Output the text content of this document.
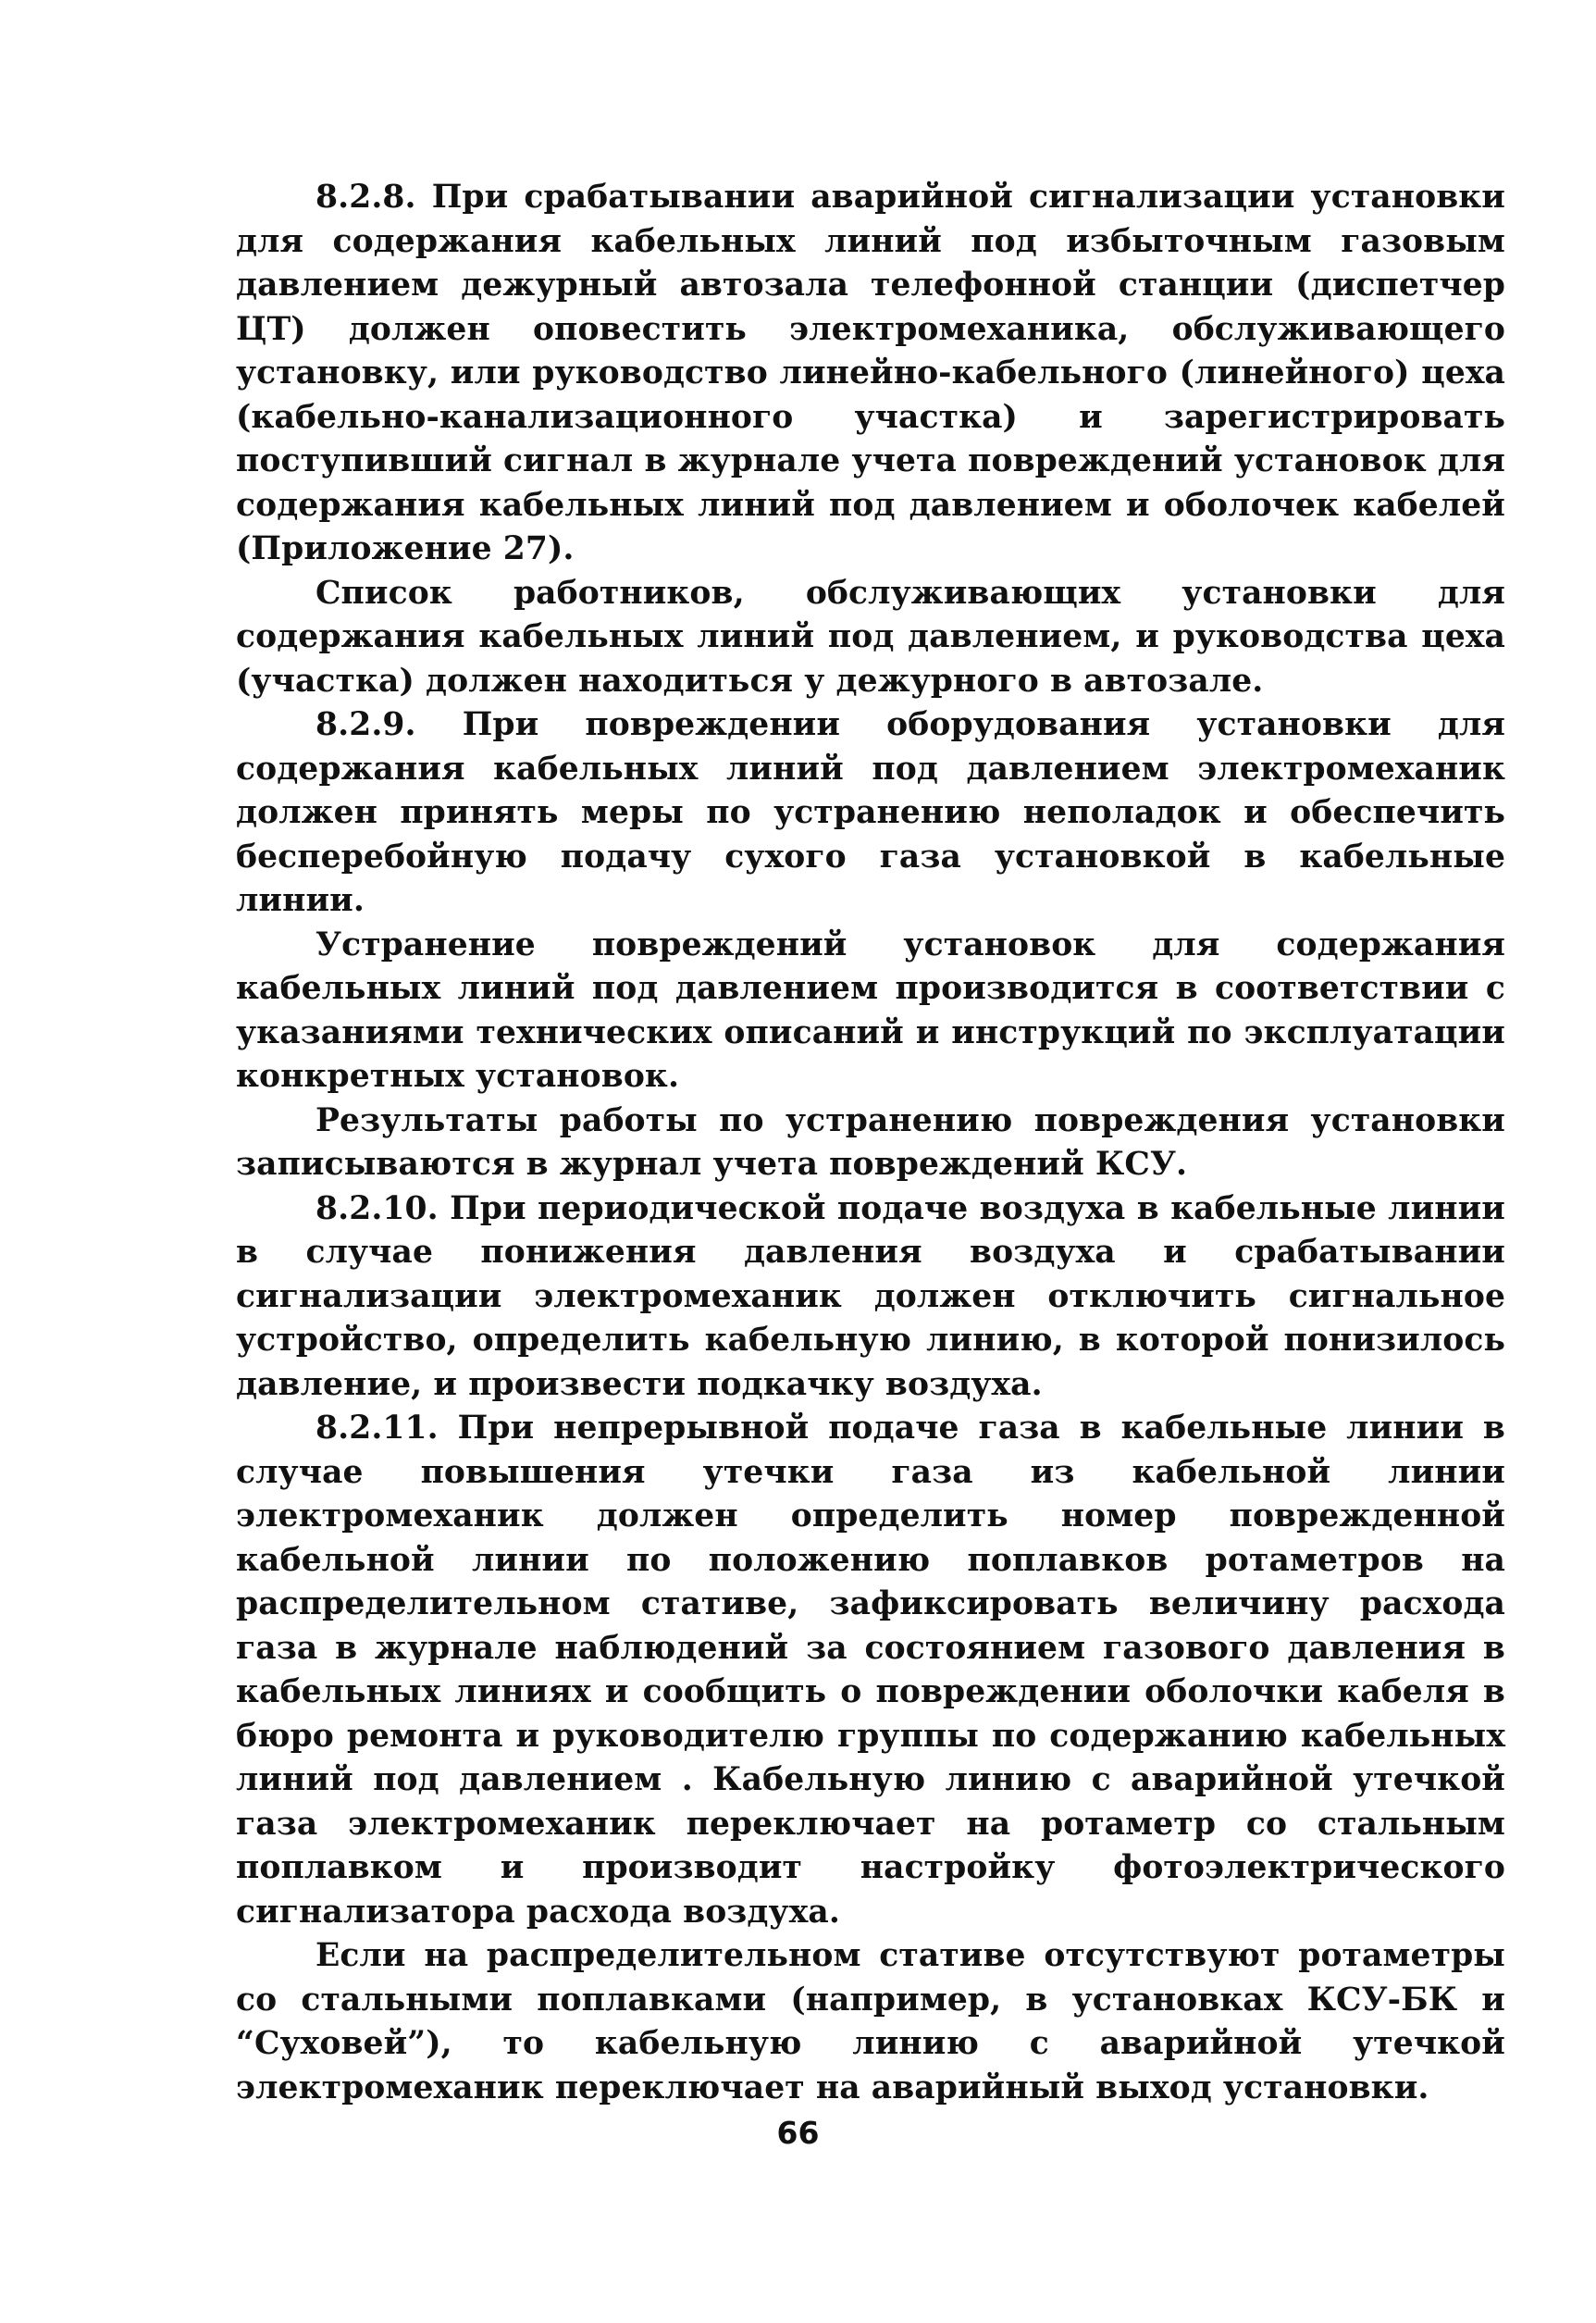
8.2.8. При срабатывании аварийной сигнализации установки для содержания кабельных линий под избыточным газовым давлением дежурный автозала телефонной станции (диспетчер ЦТ) должен оповестить электромеханика, обслуживающего установку, или руководство линейно-кабельного (линейного) цеха (кабельно-канализационного участка) и зарегистрировать поступивший сигнал в журнале учета повреждений установок для содержания кабельных линий под давлением и оболочек кабелей (Приложение 27).

Список работников, обслуживающих установки для содержания кабельных линий под давлением, и руководства цеха (участка) должен находиться у дежурного в автозале.

8.2.9. При повреждении оборудования установки для содержания кабельных линий под давлением электромеханик должен принять меры по устранению неполадок и обеспечить бесперебойную подачу сухого газа установкой в кабельные линии.

Устранение повреждений установок для содержания кабельных линий под давлением производится в соответствии с указаниями технических описаний и инструкций по эксплуатации конкретных установок.

Результаты работы по устранению повреждения установки записываются в журнал учета повреждений КСУ.

8.2.10. При периодической подаче воздуха в кабельные линии в случае понижения давления воздуха и срабатывании сигнализации электромеханик должен отключить сигнальное устройство, определить кабельную линию, в которой понизилось давление, и произвести подкачку воздуха.

8.2.11. При непрерывной подаче газа в кабельные линии в случае повышения утечки газа из кабельной линии электромеханик должен определить номер поврежденной кабельной линии по положению поплавков ротаметров на распределительном стативе, зафиксировать величину расхода газа в журнале наблюдений за состоянием газового давления в кабельных линиях и сообщить о повреждении оболочки кабеля в бюро ремонта и руководителю группы по содержанию кабельных линий под давлением . Кабельную линию с аварийной утечкой газа электромеханик переключает на ротаметр со стальным поплавком и производит настройку фотоэлектрического сигнализатора расхода воздуха.

Если на распределительном стативе отсутствуют ротаметры со стальными поплавками (например, в установках КСУ-БК и “Суховей”), то кабельную линию с аварийной утечкой электромеханик переключает на аварийный выход установки.

66
